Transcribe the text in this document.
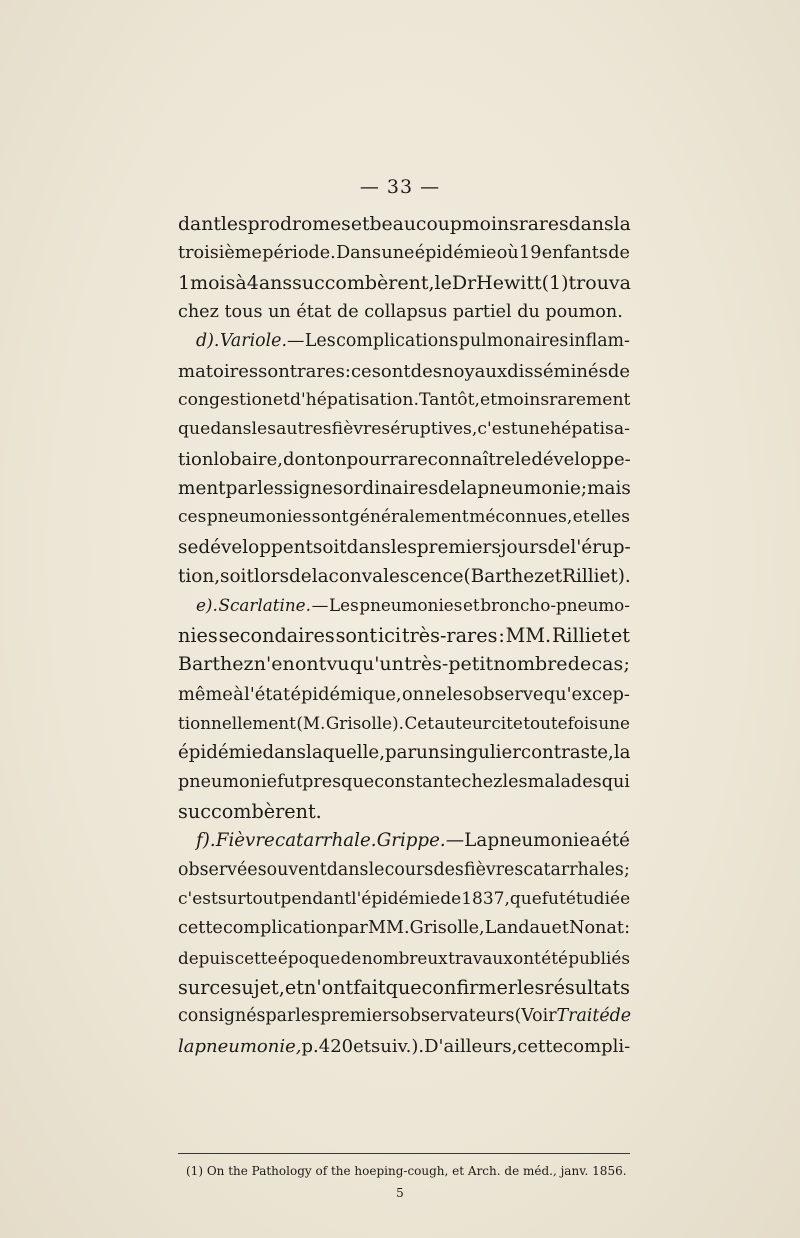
— 33 —
dant les prodromes et beaucoup moins rares dans la
troisième période. Dans une épidémie où 19 enfants de
1 mois à 4 ans succombèrent, le Dr Hewitt (1) trouva
chez
tous
un
état
de
collapsus
partiel
du
poumon.

d). Variole.— Les complications pulmonaires inflam-
matoires sont rares : ce sont des noyaux disséminés de
congestion et d'hépatisation. Tantôt, et moins rarement
que dans les autres fièvres éruptives, c'est une hépatisa-
tion lobaire, dont on pourra reconnaître le développe-
ment par les signes ordinaires de la pneumonie ; mais
ces pneumonies sont généralement méconnues, et elles
se développent soit dans les premiers jours de l'érup-
tion, soit lors de la convalescence (Barthez et Rilliet).
e). Scarlatine. — Les pneumonies et broncho-pneumo-
nies secondaires sont ici très-rares : MM. Rilliet et
Barthez n'en ont vu qu'un très-petit nombre de cas ;
même à l'état épidémique, on ne les observe qu'excep-
tionnellement (M. Grisolle). Cet auteur cite toutefois une
épidémie dans laquelle, par un singulier contraste, la
pneumonie fut presque constante chez les malades qui
succombèrent.

f). Fièvre catarrhale. Grippe. — La pneumonie a été
observée souvent dans le cours des fièvres catarrhales ;
c'est surtout pendant l'épidémie de 1837, que fut étudiée
cette complication par MM. Grisolle, Landau et Nonat :
depuis cette époque de nombreux travaux ont été publiés
sur ce sujet, et n'ont fait que confirmer les résultats
consignés par les premiers observateurs (Voir Traité de
la pneumonie, p. 420 et suiv.). D'ailleurs, cette compli-
(1) On the Pathology of the hoeping-cough, et Arch. de méd., janv. 1856.
5
